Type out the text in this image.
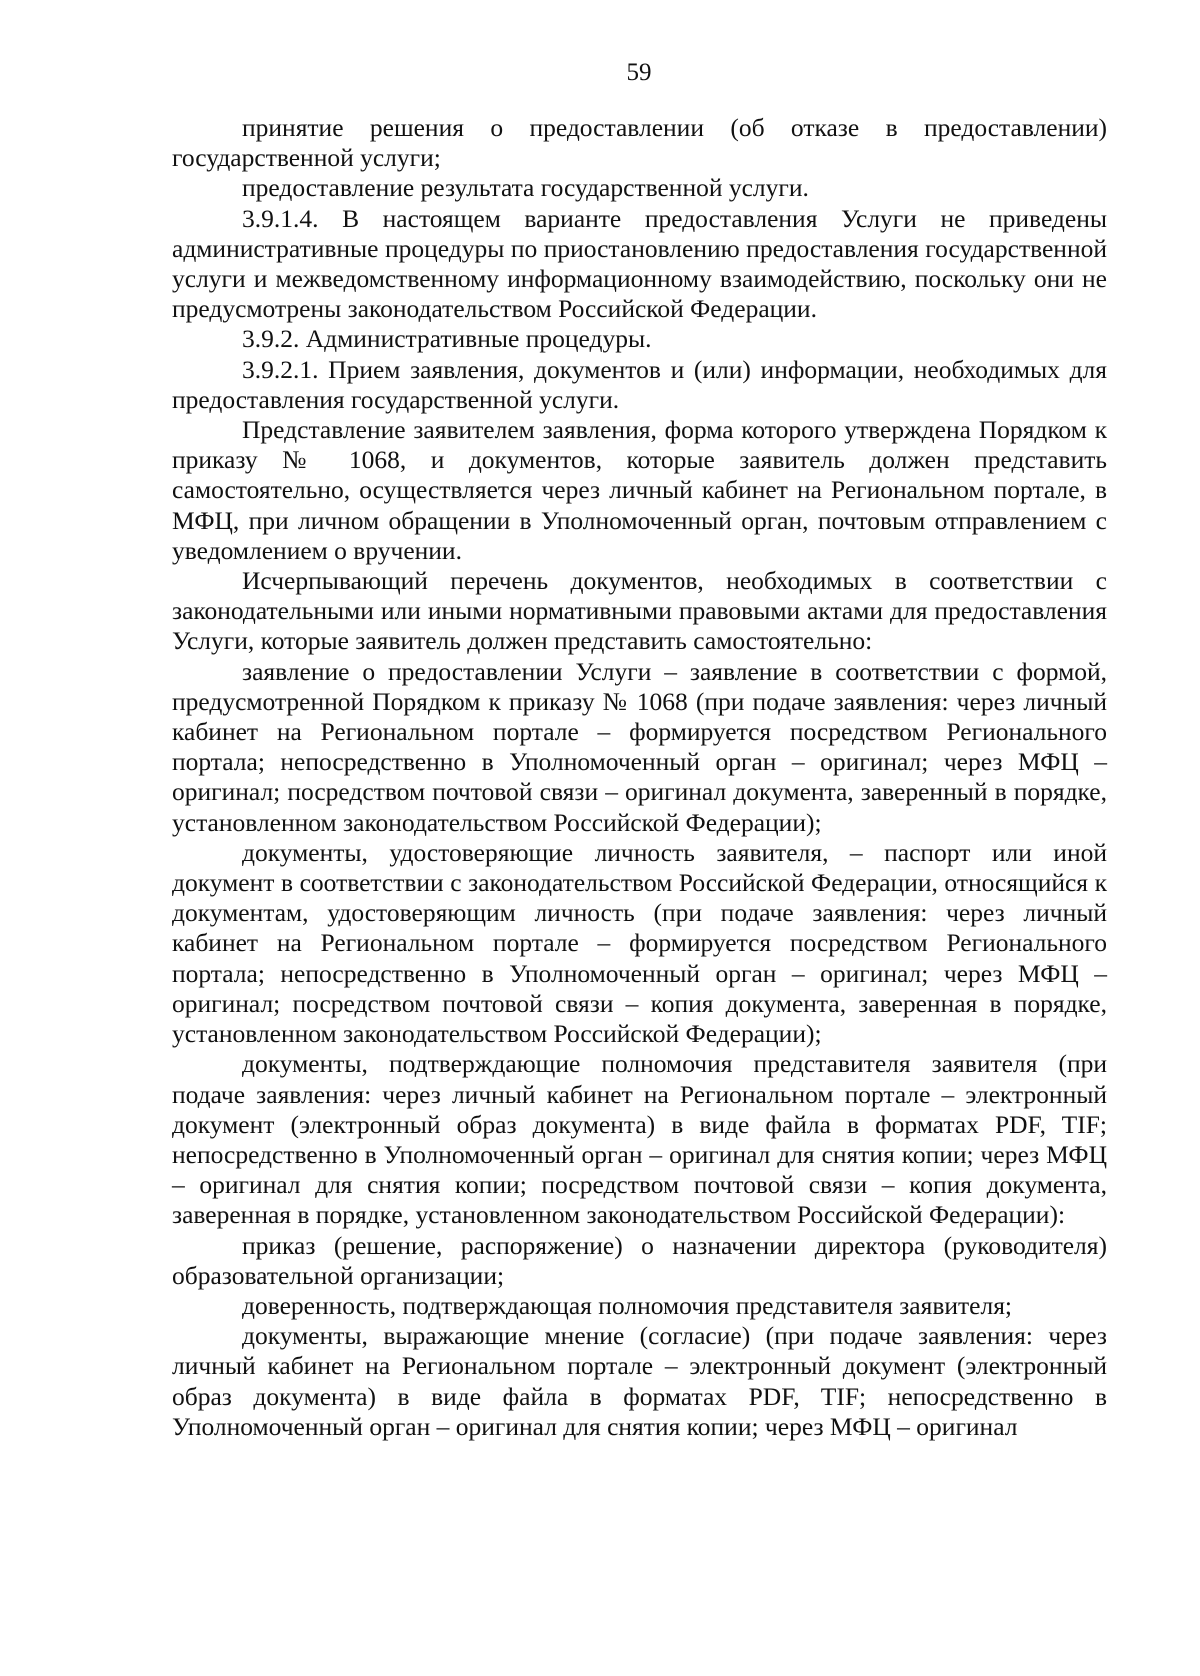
59

принятие решения о предоставлении (об отказе в предоставлении) государственной услуги;

предоставление результата государственной услуги.

3.9.1.4. В настоящем варианте предоставления Услуги не приведены административные процедуры по приостановлению предоставления государственной услуги и межведомственному информационному взаимодействию, поскольку они не предусмотрены законодательством Российской Федерации.

3.9.2. Административные процедуры.

3.9.2.1. Прием заявления, документов и (или) информации, необходимых для предоставления государственной услуги.

Представление заявителем заявления, форма которого утверждена Порядком к приказу № 1068, и документов, которые заявитель должен представить самостоятельно, осуществляется через личный кабинет на Региональном портале, в МФЦ, при личном обращении в Уполномоченный орган, почтовым отправлением с уведомлением о вручении.

Исчерпывающий перечень документов, необходимых в соответствии с законодательными или иными нормативными правовыми актами для предоставления Услуги, которые заявитель должен представить самостоятельно:

заявление о предоставлении Услуги – заявление в соответствии с формой, предусмотренной Порядком к приказу № 1068 (при подаче заявления: через личный кабинет на Региональном портале – формируется посредством Регионального портала; непосредственно в Уполномоченный орган – оригинал; через МФЦ – оригинал; посредством почтовой связи – оригинал документа, заверенный в порядке, установленном законодательством Российской Федерации);

документы, удостоверяющие личность заявителя, – паспорт или иной документ в соответствии с законодательством Российской Федерации, относящийся к документам, удостоверяющим личность (при подаче заявления: через личный кабинет на Региональном портале – формируется посредством Регионального портала; непосредственно в Уполномоченный орган – оригинал; через МФЦ – оригинал; посредством почтовой связи – копия документа, заверенная в порядке, установленном законодательством Российской Федерации);

документы, подтверждающие полномочия представителя заявителя (при подаче заявления: через личный кабинет на Региональном портале – электронный документ (электронный образ документа) в виде файла в форматах PDF, TIF; непосредственно в Уполномоченный орган – оригинал для снятия копии; через МФЦ – оригинал для снятия копии; посредством почтовой связи – копия документа, заверенная в порядке, установленном законодательством Российской Федерации):

приказ (решение, распоряжение) о назначении директора (руководителя) образовательной организации;

доверенность, подтверждающая полномочия представителя заявителя;

документы, выражающие мнение (согласие) (при подаче заявления: через личный кабинет на Региональном портале – электронный документ (электронный образ документа) в виде файла в форматах PDF, TIF; непосредственно в Уполномоченный орган – оригинал для снятия копии; через МФЦ – оригинал
